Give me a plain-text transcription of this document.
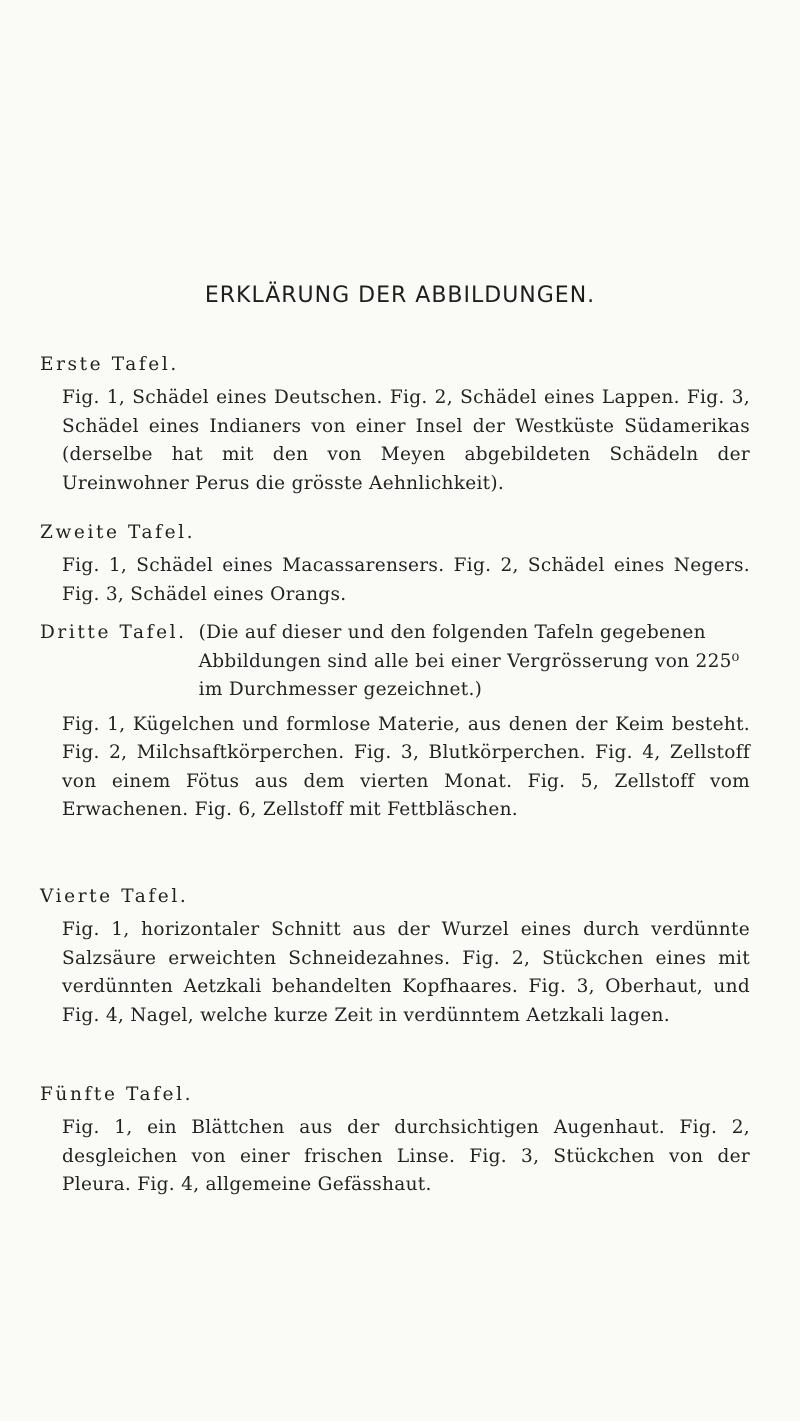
ERKLÄRUNG DER ABBILDUNGEN.
Erste Tafel.
Fig. 1, Schädel eines Deutschen. Fig. 2, Schädel eines Lappen. Fig. 3, Schädel eines Indianers von einer Insel der Westküste Südamerikas (derselbe hat mit den von Meyen abgebildeten Schädeln der Ureinwohner Perus die grösste Aehnlichkeit).
Zweite Tafel.
Fig. 1, Schädel eines Macassarensers. Fig. 2, Schädel eines Negers. Fig. 3, Schädel eines Orangs.
Dritte Tafel. (Die auf dieser und den folgenden Tafeln gegebenen Abbildungen sind alle bei einer Vergrösserung von 225⁰ im Durchmesser gezeichnet.)
Fig. 1, Kügelchen und formlose Materie, aus denen der Keim besteht. Fig. 2, Milchsaftkörperchen. Fig. 3, Blutkörperchen. Fig. 4, Zellstoff von einem Fötus aus dem vierten Monat. Fig. 5, Zellstoff vom Erwachenen. Fig. 6, Zellstoff mit Fettbläschen.
Vierte Tafel.
Fig. 1, horizontaler Schnitt aus der Wurzel eines durch verdünnte Salzsäure erweichten Schneidezahnes. Fig. 2, Stückchen eines mit verdünnten Aetzkali behandelten Kopfhaares. Fig. 3, Oberhaut, und Fig. 4, Nagel, welche kurze Zeit in verdünntem Aetzkali lagen.
Fünfte Tafel.
Fig. 1, ein Blättchen aus der durchsichtigen Augenhaut. Fig. 2, desgleichen von einer frischen Linse. Fig. 3, Stückchen von der Pleura. Fig. 4, allgemeine Gefässhaut.
